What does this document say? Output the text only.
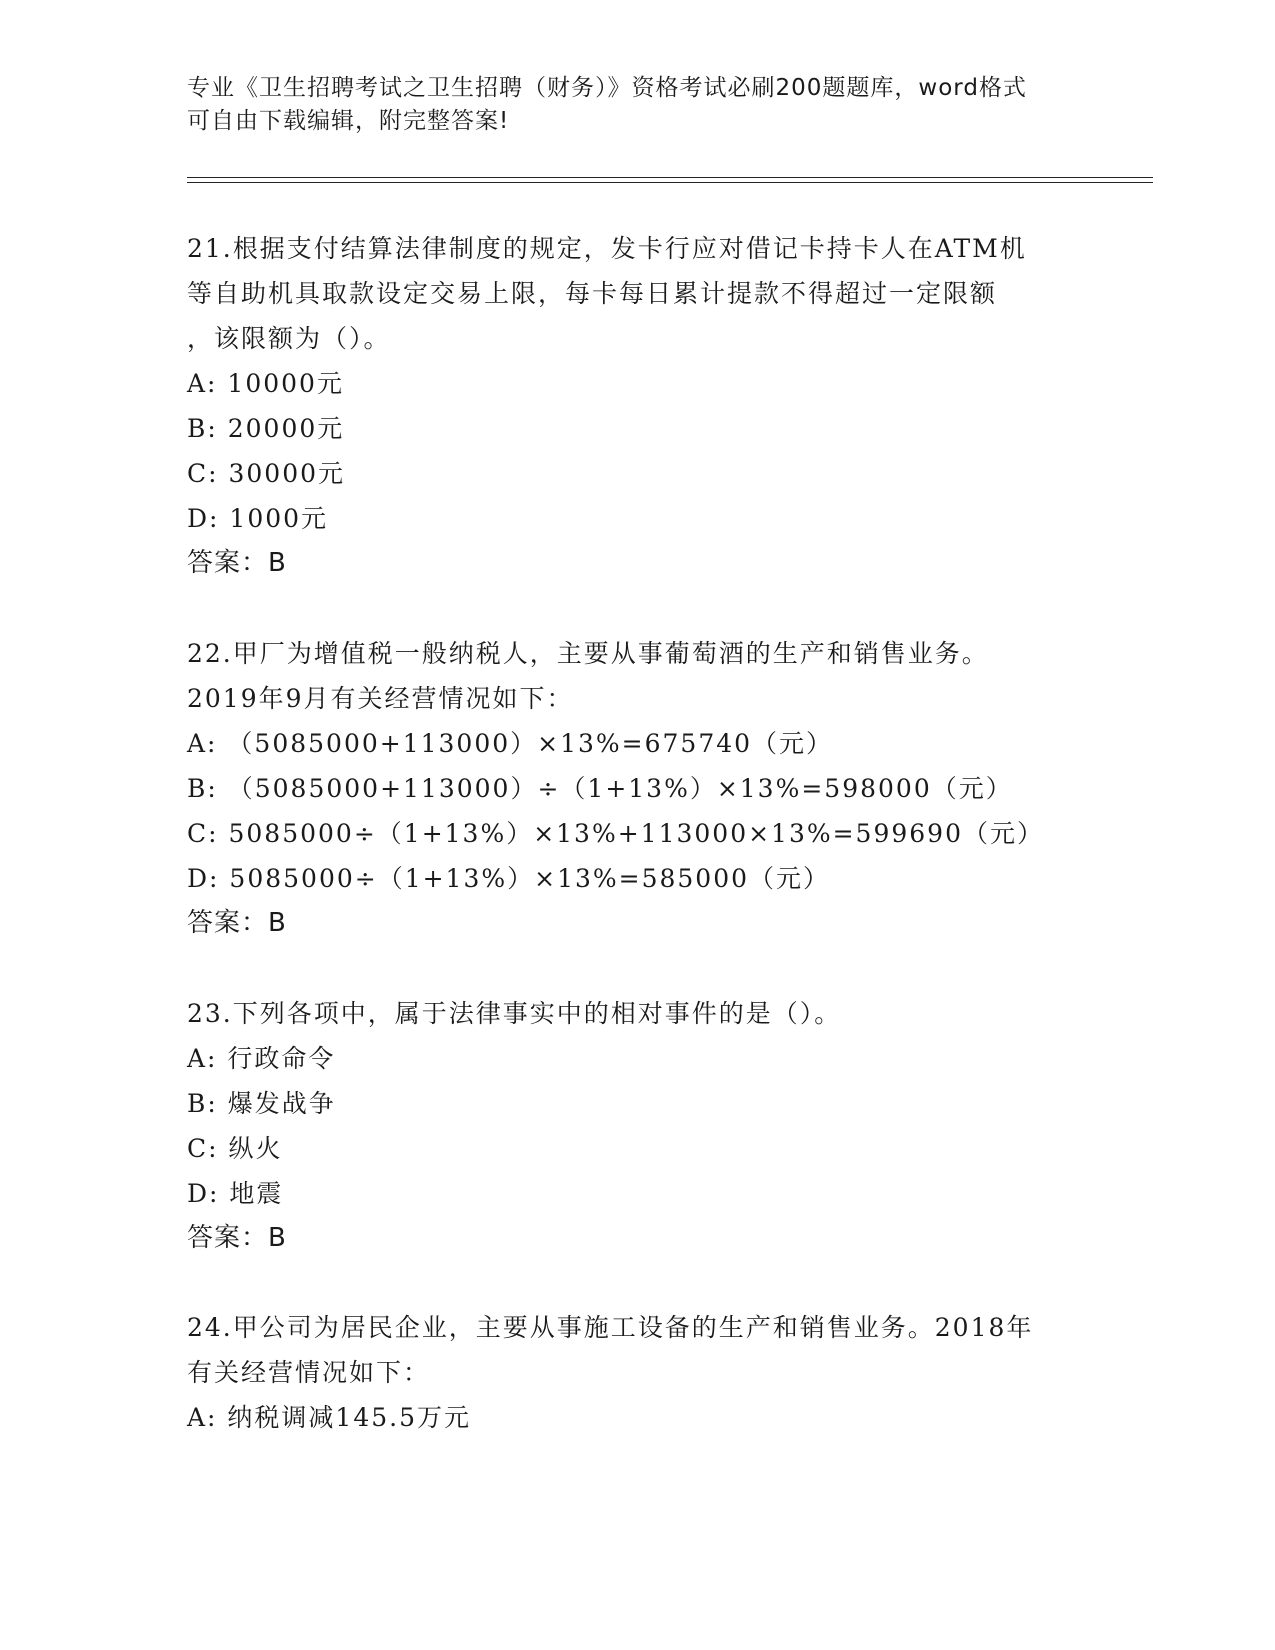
专业《卫生招聘考试之卫生招聘（财务）》资格考试必刷200题题库，word格式
可自由下载编辑，附完整答案!
21.根据支付结算法律制度的规定，发卡行应对借记卡持卡人在ATM机
等自助机具取款设定交易上限，每卡每日累计提款不得超过一定限额
，该限额为（）。
A: 10000元
B: 20000元
C: 30000元
D: 1000元
答案：B
22.甲厂为增值税一般纳税人，主要从事葡萄酒的生产和销售业务。
2019年9月有关经营情况如下：
A: （5085000+113000）×13%=675740（元）
B: （5085000+113000）÷（1+13%）×13%=598000（元）
C: 5085000÷（1+13%）×13%+113000×13%=599690（元）
D: 5085000÷（1+13%）×13%=585000（元）
答案：B
23.下列各项中，属于法律事实中的相对事件的是（）。
A: 行政命令
B: 爆发战争
C: 纵火
D: 地震
答案：B
24.甲公司为居民企业，主要从事施工设备的生产和销售业务。2018年
有关经营情况如下：
A: 纳税调减145.5万元
